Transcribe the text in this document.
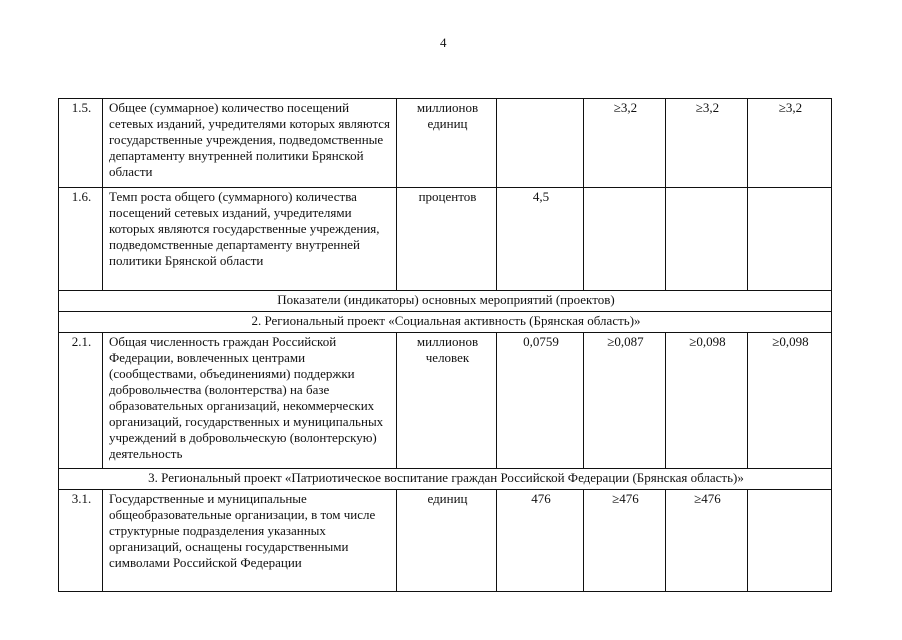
4
1.5.	Общее (суммарное) количество посещений сетевых изданий, учредителями которых являются государственные учреждения, подведомственные департаменту внутренней политики Брянской области	миллионов единиц		≥3,2	≥3,2	≥3,2
1.6.	Темп роста общего (суммарного) количества посещений сетевых изданий, учредителями которых являются государственные учреждения, подведомственные департаменту внутренней политики Брянской области	процентов	4,5			
Показатели (индикаторы) основных мероприятий (проектов)						
2. Региональный проект «Социальная активность (Брянская область)»						
2.1.	Общая численность граждан Российской Федерации, вовлеченных центрами (сообществами, объединениями) поддержки добровольчества (волонтерства) на базе образовательных организаций, некоммерческих организаций, государственных и муниципальных учреждений в добровольческую (волонтерскую) деятельность	миллионов человек	0,0759	≥0,087	≥0,098	≥0,098
3. Региональный проект «Патриотическое воспитание граждан Российской Федерации (Брянская область)»						
3.1.	Государственные и муниципальные общеобразовательные организации, в том числе структурные подразделения указанных организаций, оснащены государственными символами Российской Федерации	единиц	476	≥476	≥476	
